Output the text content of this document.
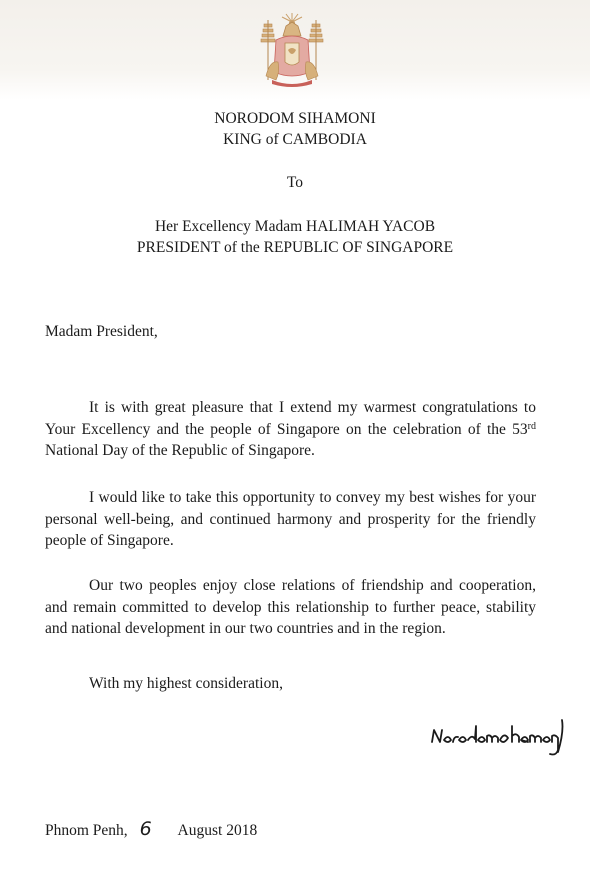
NORODOM SIHAMONI
KING of CAMBODIA
To
Her Excellency Madam HALIMAH YACOB
PRESIDENT of the REPUBLIC OF SINGAPORE
Madam President,

It is with great pleasure that I extend my warmest congratulations to Your Excellency and the people of Singapore on the celebration of the 53rd National Day of the Republic of Singapore.

I would like to take this opportunity to convey my best wishes for your personal well-being, and continued harmony and prosperity for the friendly people of Singapore.

Our two peoples enjoy close relations of friendship and cooperation, and remain committed to develop this relationship to further peace, stability and national development in our two countries and in the region.

With my highest consideration,
Phnom Penh, 6 August 2018
